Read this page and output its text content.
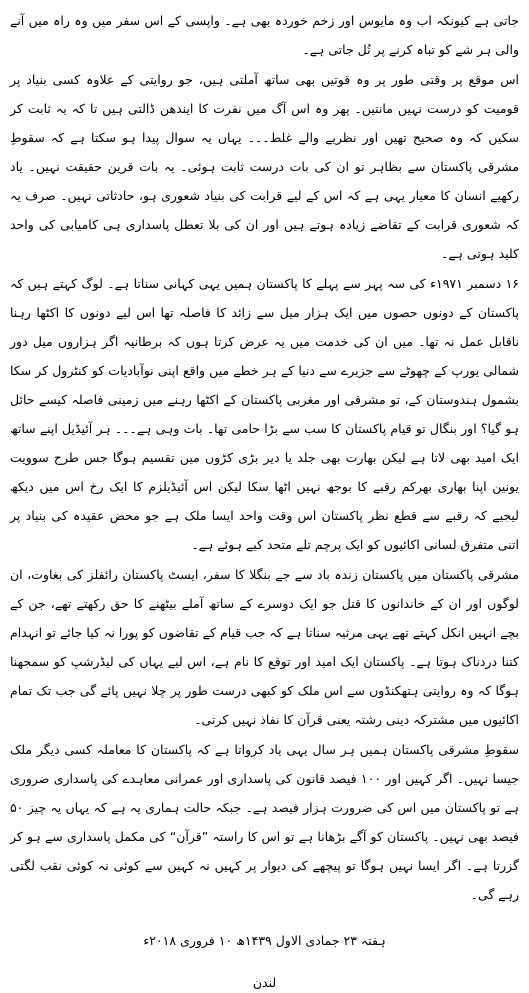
جاتی ہے کیونکہ اب وہ مایوس اور زخم خوردہ بھی ہے۔ واپسی کے اس سفر میں وہ راہ میں آنے والی ہر شے کو تباہ کرنے پر تُل جاتی ہے۔

اس موقع پر وقتی طور پر وہ قوتیں بھی ساتھ آملتی ہیں، جو روایتی کے علاوہ کسی بنیاد پر قومیت کو درست نہیں مانتیں۔ پھر وہ اس آگ میں نفرت کا ایندھن ڈالتی ہیں تا کہ یہ ثابت کر سکیں کہ وہ صحیح تھیں اور نظریے والے غلط۔۔۔ یہاں یہ سوال پیدا ہو سکتا ہے کہ سقوطِ مشرقی پاکستان سے بظاہر تو ان کی بات درست ثابت ہوئی۔ یہ بات قرین حقیقت نہیں۔ یاد رکھیے انسان کا معیار یہی ہے کہ اس کے لیے قرابت کی بنیاد شعوری ہو، حادثاتی نہیں۔ صرف یہ کہ شعوری قرابت کے تقاضے زیادہ ہوتے ہیں اور ان کی بلا تعطل پاسداری ہی کامیابی کی واحد کلید ہوتی ہے۔

۱۶ دسمبر ۱۹۷۱ء کی سہ پہر سے پہلے کا پاکستان ہمیں یہی کہانی سناتا ہے۔ لوگ کہتے ہیں کہ پاکستان کے دونوں حصوں میں ایک ہزار میل سے زائد کا فاصلہ تھا اس لیے دونوں کا اکٹھا رہنا ناقابل عمل نہ تھا۔ میں ان کی خدمت میں یہ عرض کرتا ہوں کہ برطانیہ اگر ہزاروں میل دور شمالی یورپ کے چھوٹے سے جزیرے سے دنیا کے ہر خطے میں واقع اپنی نوآبادیات کو کنٹرول کر سکا بشمول ہندوستان کے، تو مشرقی اور مغربی پاکستان کے اکٹھا رہنے میں زمینی فاصلہ کیسے حائل ہو گیا؟ اور بنگال تو قیام پاکستان کا سب سے بڑا حامی تھا۔ بات وہی ہے۔۔۔ ہر آئیڈیل اپنے ساتھ ایک امید بھی لاتا ہے لیکن بھارت بھی جلد یا دیر بڑی کڑوں میں تقسیم ہوگا جس طرح سوویت یونین اپنا بھاری بھرکم رقبے کا بوجھ نہیں اٹھا سکا لیکن اس آئیڈیلزم کا ایک رخ اس میں دیکھ لیجیے کہ رقبے سے قطع نظر پاکستان اس وقت واحد ایسا ملک ہے جو محض عقیدہ کی بنیاد پر اتنی متفرق لسانی اکائیوں کو ایک پرچم تلے متحد کیے ہوئے ہے۔

مشرقی پاکستان میں پاکستان زندہ باد سے جے بنگلا کا سفر، ایسٹ پاکستان رائفلز کی بغاوت، ان لوگوں اور ان کے خاندانوں کا قتل جو ایک دوسرے کے ساتھ آملے بیٹھنے کا حق رکھتے تھے، جن کے بچے انہیں انکل کہتے تھے یہی مرثیہ سناتا ہے کہ جب قیام کے تقاضوں کو پورا نہ کیا جائے تو انہدام کتنا دردناک ہوتا ہے۔ پاکستان ایک امید اور توقع کا نام ہے، اس لیے یہاں کی لیڈرشپ کو سمجھنا ہوگا کہ وہ روایتی ہتھکنڈوں سے اس ملک کو کبھی درست طور پر چلا نہیں پائے گی جب تک تمام اکائیوں میں مشترکہ دینی رشتہ یعنی قرآن کا نفاذ نہیں کرتی۔

سقوطِ مشرقی پاکستان ہمیں ہر سال یہی یاد کرواتا ہے کہ پاکستان کا معاملہ کسی دیگر ملک جیسا نہیں۔ اگر کہیں اور ۱۰۰ فیصد قانون کی پاسداری اور عمرانی معاہدے کی پاسداری ضروری ہے تو پاکستان میں اس کی ضرورت ہزار فیصد ہے۔ جبکہ حالت ہماری یہ ہے کہ یہاں یہ چیز ۵۰ فیصد بھی نہیں۔ پاکستان کو آگے بڑھانا ہے تو اس کا راستہ ”قرآن“ کی مکمل پاسداری سے ہو کر گزرتا ہے۔ اگر ایسا نہیں ہوگا تو پیچھے کی دیوار پر کہیں نہ کہیں سے کوئی نہ کوئی نقب لگتی رہے گی۔

ہفتہ ۲۳ جمادی الاول ۱۴۳۹ھ ۱۰ فروری ۲۰۱۸ء
لندن
